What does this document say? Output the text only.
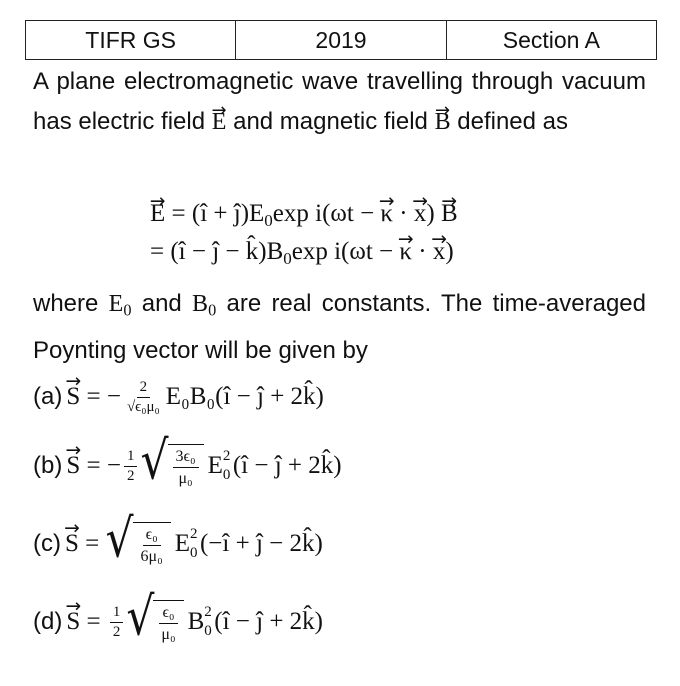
TIFR GS	2019	Section A
A plane electromagnetic wave travelling through vacuum has electric field → E and magnetic field → B defined as
→ E = (î + $ĵ)E_0\exp$ i(ωt − → κ · → x) → B
= (î − ĵ − $k̂)B_0\exp$ i(ωt − → κ · → x)
where $E_0$ and $B_0$ are real constants. The time-averaged Poynting vector will be given by
(a)
→ S = − $\frac{2}{\text{√ϵ₀μ₀}}$ E₀B₀(î − ĵ + 2k̂)
(b)
→ S = − $\frac{1}{2}$ √ $\frac{\text{3ϵ₀}}{\text{μ₀}}$ E 2
0 (î − ĵ + 2k̂)
(c)
→ S = √ $\frac{\text{ϵ₀}}{\text{6μ₀}}$ E 2
0 (−î + ĵ − 2k̂)
(d)
→ $S = \frac{1}{2}$ √ $\frac{\text{ϵ₀}}{\text{μ₀}}$ B 2
0 (î − ĵ + 2k̂)
